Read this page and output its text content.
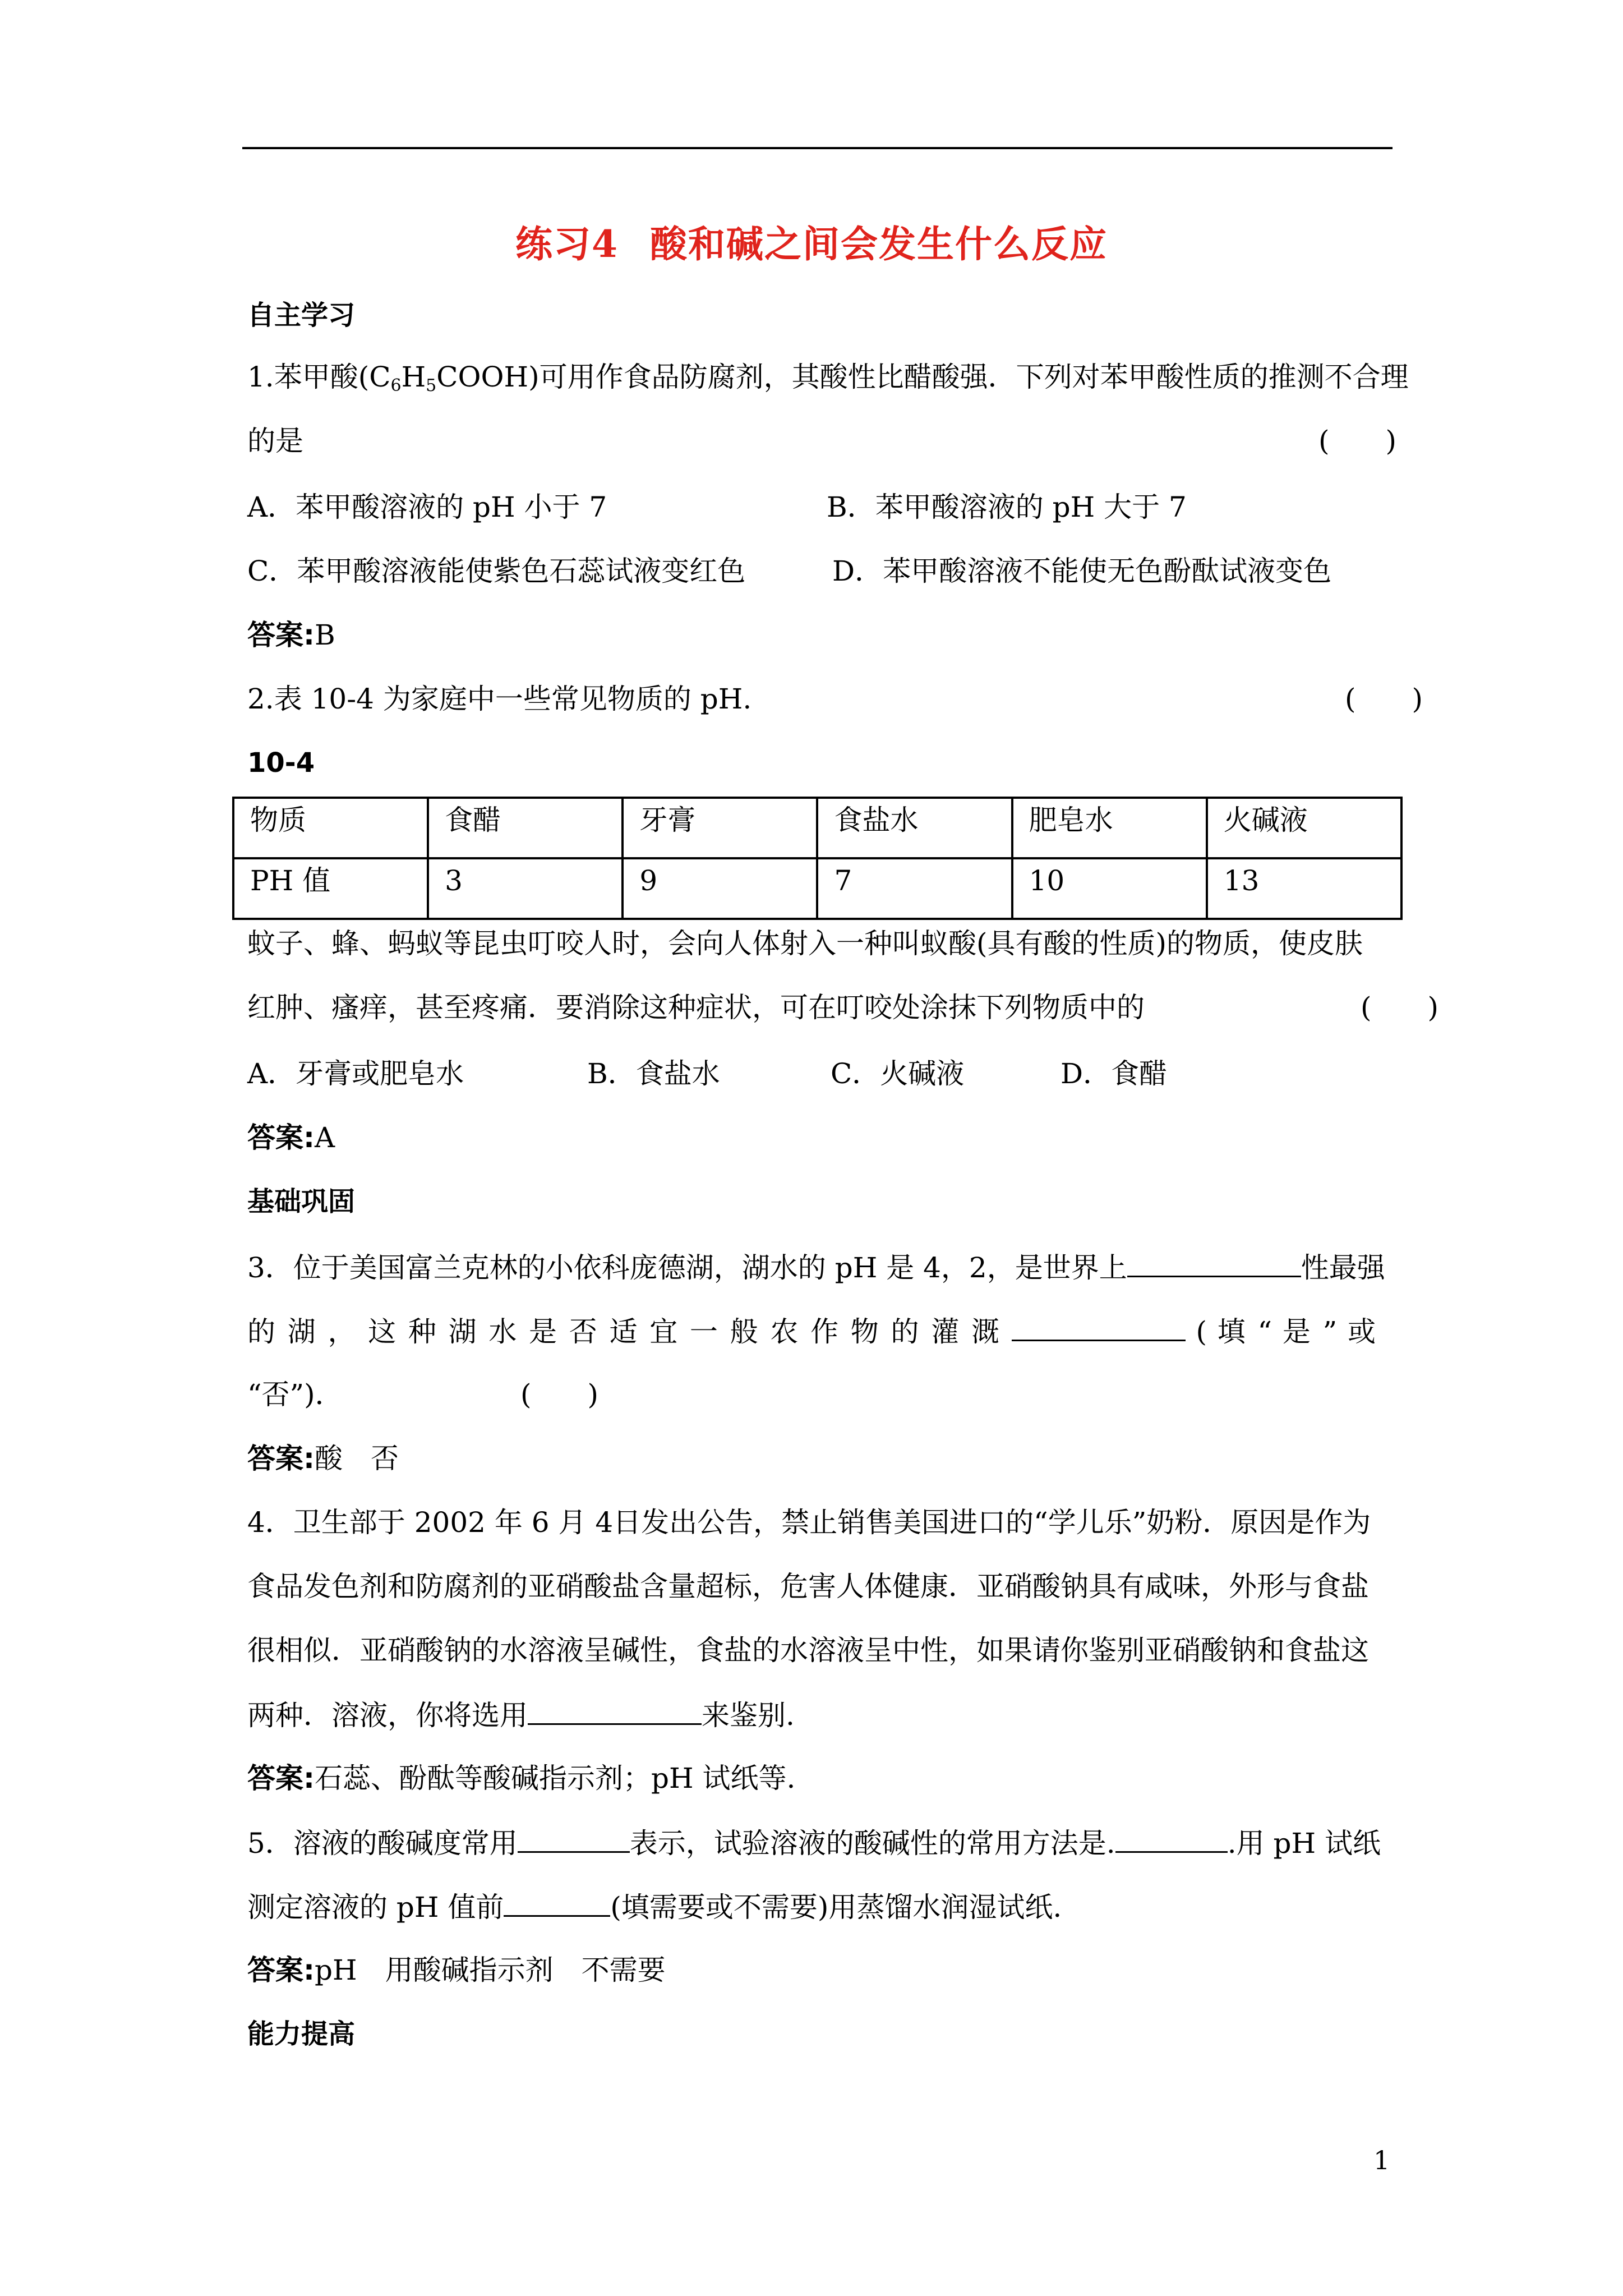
练习4 酸和碱之间会发生什么反应
自主学习
1.苯甲酸$(C_6H_5COOH)$可用作食品防腐剂，其酸性比醋酸强．下列对苯甲酸性质的推测不合理
的是	(　　)
A．苯甲酸溶液的 pH 小于 7	B．苯甲酸溶液的 pH 大于 7
C．苯甲酸溶液能使紫色石蕊试液变红色	D．苯甲酸溶液不能使无色酚酞试液变色
答案:B
2.表 10-4 为家庭中一些常见物质的 pH.	(　　)
10-4
物质	食醋	牙膏	食盐水	肥皂水	火碱液
PH 值	3	9	7	10	13
蚊子、蜂、蚂蚁等昆虫叮咬人时，会向人体射入一种叫蚁酸(具有酸的性质)的物质，使皮肤
红肿、瘙痒，甚至疼痛．要消除这种症状，可在叮咬处涂抹下列物质中的	(　　)
A．牙膏或肥皂水	B．食盐水	C．火碱液	D．食醋
答案:A
基础巩固
3．位于美国富兰克林的小依科庞德湖，湖水的 pH 是 4，2，是世界上	性最强
的 湖 ， 这 种 湖 水 是 否 适 宜 一 般 农 作 物 的 灌 溉	( 填 “ 是 ” 或
“否”)．	(　　)
答案:酸　否
4．卫生部于 2002 年 6 月 4日发出公告，禁止销售美国进口的“学儿乐”奶粉．原因是作为
食品发色剂和防腐剂的亚硝酸盐含量超标，危害人体健康．亚硝酸钠具有咸味，外形与食盐
很相似．亚硝酸钠的水溶液呈碱性，食盐的水溶液呈中性，如果请你鉴别亚硝酸钠和食盐这
两种．溶液，你将选用	来鉴别.
答案:石蕊、酚酞等酸碱指示剂；pH 试纸等.
5．溶液的酸碱度常用	表示，试验溶液的酸碱性的常用方法是.	.用 pH 试纸
测定溶液的 pH 值前	(填需要或不需要)用蒸馏水润湿试纸.
答案:pH　用酸碱指示剂　不需要
能力提高
1
